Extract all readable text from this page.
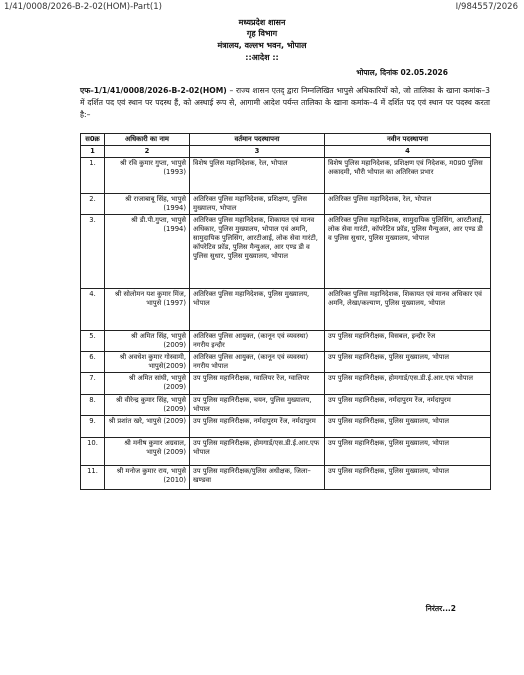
1/41/0008/2026-B-2-02(HOM)-Part(1)	I/984557/2026
मध्यप्रदेश शासन
गृह विभाग
मंत्रालय, वल्लभ भवन, भोपाल
::आदेश ::
भोपाल, दिनांक 02.05.2026
एफ–1/1/41/0008/2026-B-2-02(HOM) – राज्य शासन एतद् द्वारा निम्नलिखित भापुसे अधिकारियों को, जो तालिका के खाना कमांक–3 में दर्शित पद एवं स्थान पर पदस्थ हैं, को अस्थाई रूप से, आगामी आदेश पर्यन्त तालिका के खाना कमांक–4 में दर्शित पद एवं स्थान पर पदस्थ करता है:–
स0क्र	अधिकारी का नाम	वर्तमान पदस्थापना	नवीन पदस्थापना
1	2	3	4
1.	श्री रवि कुमार गुप्ता, भापुसे (1993)	विशेष पुलिस महानिदेशक, रेल, भोपाल	विशेष पुलिस महानिदेशक, प्रशिक्षण एवं निदेशक, म0प्र0 पुलिस अकादमी, भौरी भोपाल का अतिरिक्त प्रभार
2.	श्री राजाबाबू सिंह, भापुसे (1994)	अतिरिक्त पुलिस महानिदेशक, प्रशिक्षण, पुलिस मुख्यालय, भोपाल	अतिरिक्त पुलिस महानिदेशक, रेल, भोपाल
3.	श्री डी.पी.गुप्ता, भापुसे (1994)	अतिरिक्त पुलिस महानिदेशक, शिकायत एवं मानव अधिकार, पुलिस मुख्यालय, भोपाल एवं अमनि, सामुदायिक पुलिसिंग, आरटीआई, लोक सेवा गारंटी, कॉपरेटिव फ्रॉड, पुलिस मैन्युअल, आर एण्ड डी व पुलिस सुधार, पुलिस मुख्यालय, भोपाल	अतिरिक्त पुलिस महानिदेशक, सामुदायिक पुलिसिंग, आरटीआई, लोक सेवा गारंटी, कॉपरेटिव फ्रॉड, पुलिस मैन्युअल, आर एण्ड डी व पुलिस सुधार, पुलिस मुख्यालय, भोपाल
4.	श्री सोलोमन यश कुमार मिंज, भापुसे (1997)	अतिरिक्त पुलिस महानिदेशक, पुलिस मुख्यालय, भोपाल	अतिरिक्त पुलिस महानिदेशक, शिकायत एवं मानव अधिकार एवं अमनि, लेखा/कल्याण, पुलिस मुख्यालय, भोपाल
5.	श्री अमित सिंह, भापुसे (2009)	अतिरिक्त पुलिस आयुक्त, (कानून एवं व्यवस्था) नगरीय इन्दौर	उप पुलिस महानिरीक्षक, विसबल, इन्दौर रेंज
6.	श्री अवधेश कुमार गोस्वामी, भापुसे(2009)	अतिरिक्त पुलिस आयुक्त, (कानून एवं व्यवस्था) नगरीय भोपाल	उप पुलिस महानिरीक्षक, पुलिस मुख्यालय, भोपाल
7.	श्री अमित सांघी, भापुसे (2009)	उप पुलिस महानिरीक्षक, ग्वालियर रेंज, ग्वालियर	उप पुलिस महानिरीक्षक, होमगार्ड/एस.डी.ई.आर.एफ भोपाल
8.	श्री वीरेन्द्र कुमार सिंह, भापुसे (2009)	उप पुलिस महानिरीक्षक, चयन, पुलिस मुख्यालय, भोपाल	उप पुलिस महानिरीक्षक, नर्मदापुरम रेंज, नर्मदापुरम
9.	श्री प्रशांत खरे, भापुसे (2009)	उप पुलिस महानिरीक्षक, नर्मदापुरम रेंज, नर्मदापुरम	उप पुलिस महानिरीक्षक, पुलिस मुख्यालय, भोपाल
10.	श्री मनीष कुमार अग्रवाल, भापुसे (2009)	उप पुलिस महानिरीक्षक, होमगार्ड/एस.डी.ई.आर.एफ भोपाल	उप पुलिस महानिरीक्षक, पुलिस मुख्यालय, भोपाल
11.	श्री मनोज कुमार राय, भापुसे (2010)	उप पुलिस महानिरीक्षक/पुलिस अधीक्षक, जिला–खण्डवा	उप पुलिस महानिरीक्षक, पुलिस मुख्यालय, भोपाल
निरंतर...2
